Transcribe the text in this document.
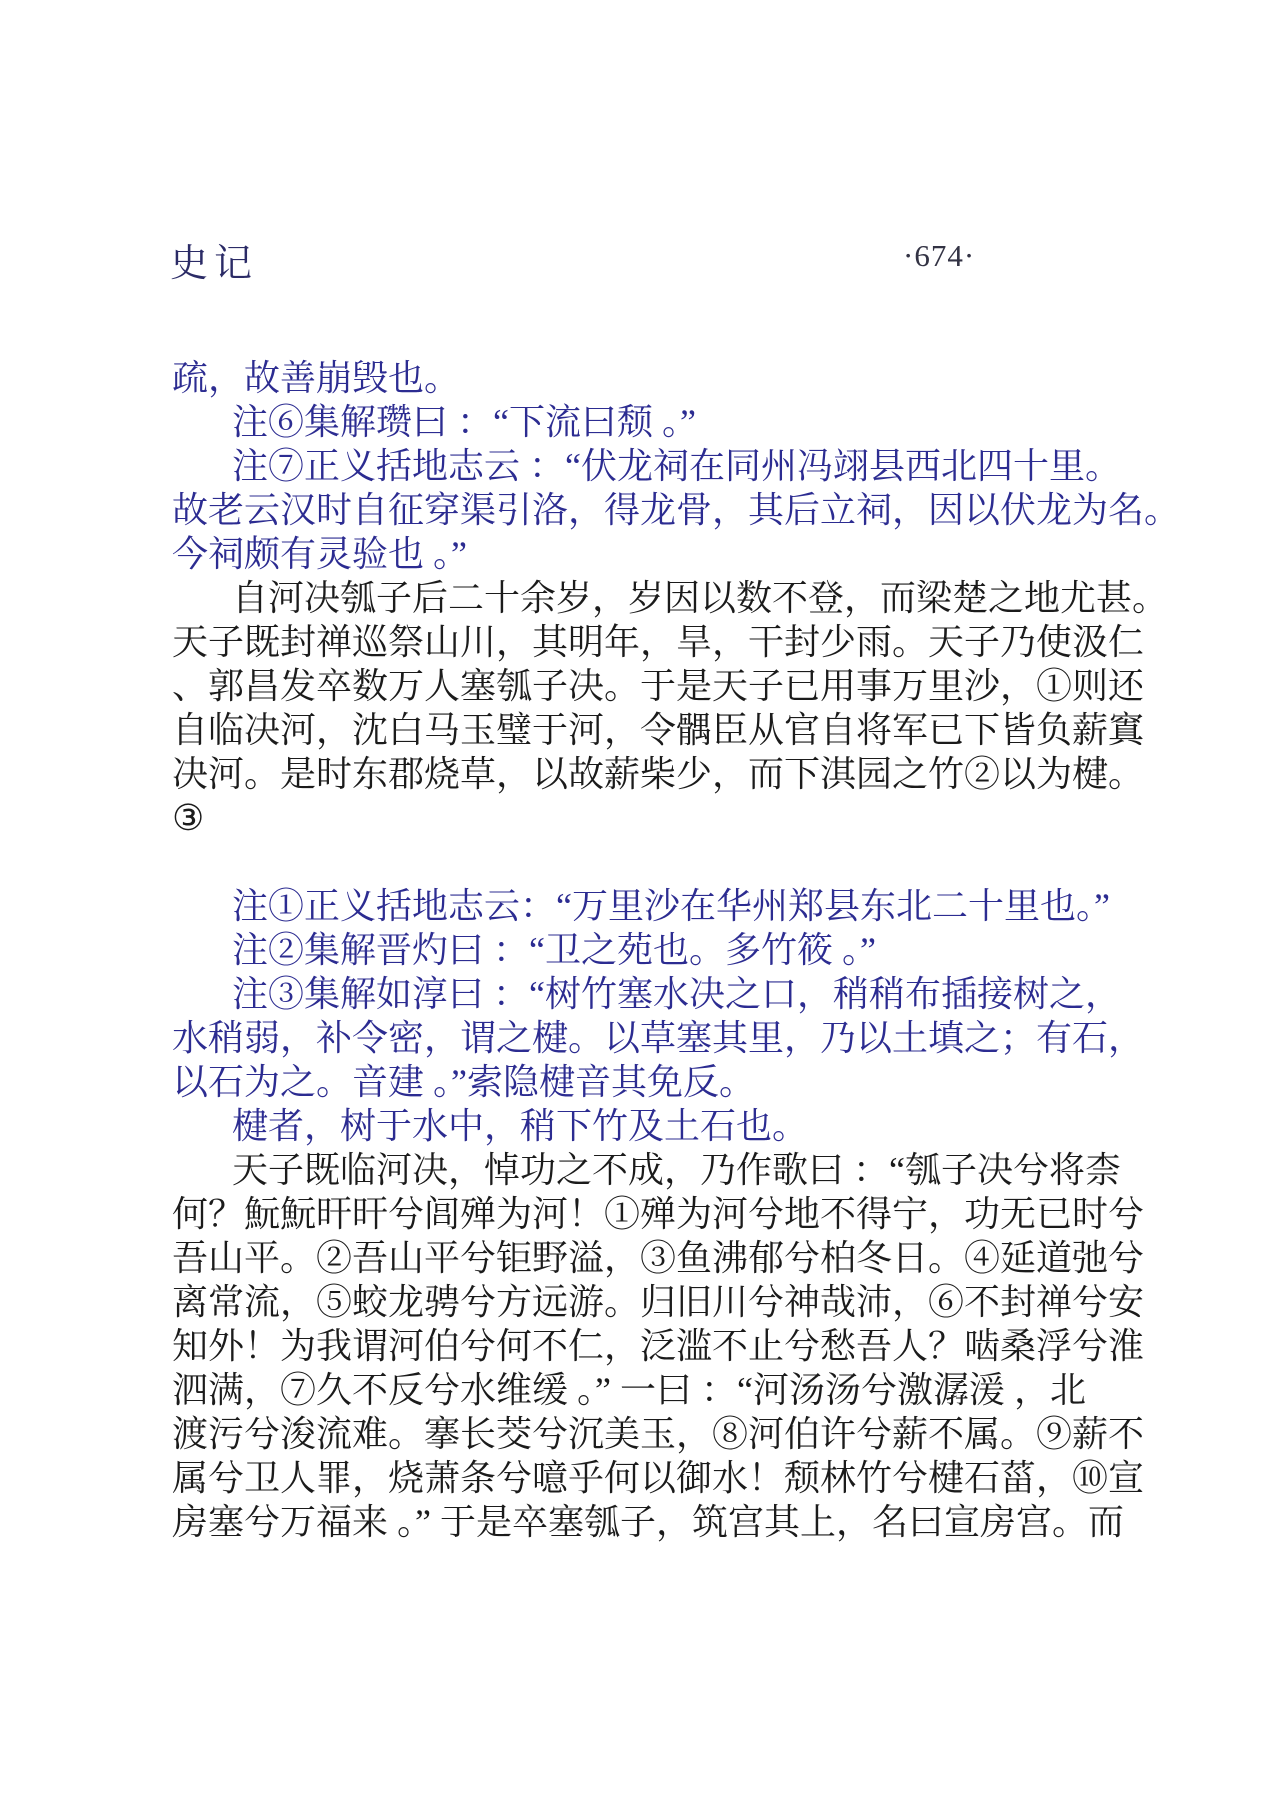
史记	·674·
疏，故善崩毁也。
注⑥集解瓒曰 ：“下流曰颓 。”
注⑦正义括地志云 ：“伏龙祠在同州冯翊县西北四十里。
故老云汉时自征穿渠引洛，得龙骨，其后立祠，因以伏龙为名。
今祠颇有灵验也 。”
自河决瓠子后二十余岁，岁因以数不登，而梁楚之地尤甚。
天子既封禅巡祭山川，其明年，旱，干封少雨。天子乃使汲仁
、郭昌发卒数万人塞瓠子决。于是天子已用事万里沙，①则还
自临决河，沈白马玉璧于河，令髃臣从官自将军已下皆负薪窴
决河。是时东郡烧草，以故薪柴少，而下淇园之竹②以为楗。
③

注①正义括地志云：“万里沙在华州郑县东北二十里也。”
注②集解晋灼曰 ：“卫之苑也。多竹筱 。”
注③集解如淳曰 ：“树竹塞水决之口，稍稍布插接树之，
水稍弱，补令密，谓之楗。以草塞其里，乃以土填之；有石，
以石为之。音建 。”索隐楗音其免反。
楗者，树于水中，稍下竹及土石也。
天子既临河决，悼功之不成，乃作歌曰 ：“瓠子决兮将柰
何？魭魭旰旰兮闾殚为河！①殚为河兮地不得宁，功无已时兮
吾山平。②吾山平兮钜野溢，③鱼沸郁兮柏冬日。④延道弛兮
离常流，⑤蛟龙骋兮方远游。归旧川兮神哉沛，⑥不封禅兮安
知外！为我谓河伯兮何不仁，泛滥不止兮愁吾人？啮桑浮兮淮
泗满，⑦久不反兮水维缓 。” 一曰 ：“河汤汤兮激潺湲 ，北
渡污兮浚流难。搴长茭兮沉美玉，⑧河伯许兮薪不属。⑨薪不
属兮卫人罪，烧萧条兮噫乎何以御水！颓林竹兮楗石菑，⑩宣
房塞兮万福来 。” 于是卒塞瓠子，筑宫其上，名曰宣房宫。而
